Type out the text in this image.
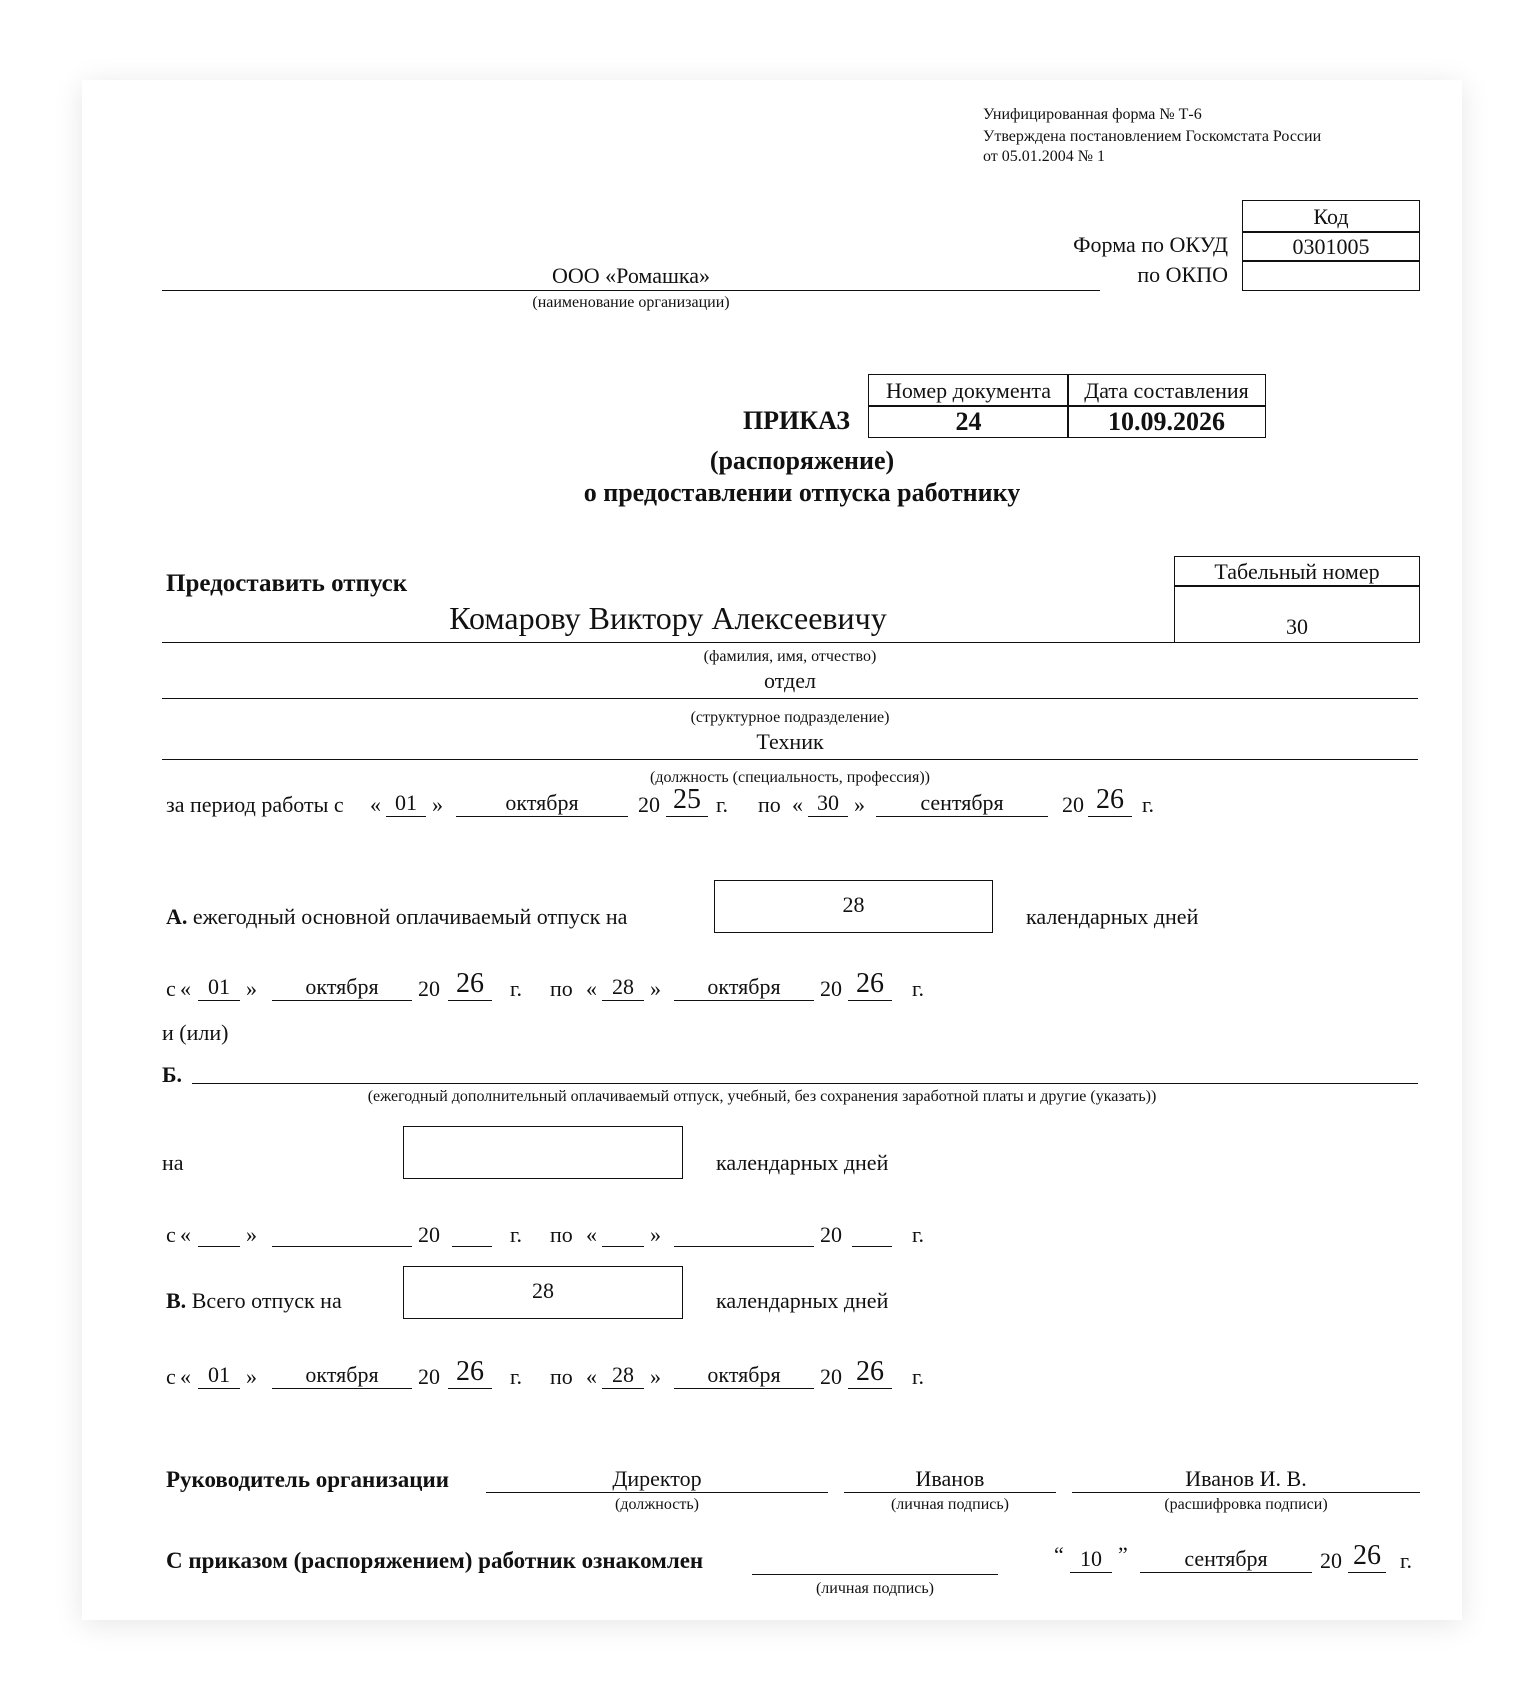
Унифицированная форма № Т-6
Утверждена постановлением Госкомстата России
от 05.01.2004 № 1
Код
0301005
Форма по ОКУД
по ОКПО
ООО «Ромашка»
(наименование организации)
Номер документа	Дата составления
24	10.09.2026
ПРИКАЗ
(распоряжение)
о предоставлении отпуска работнику
Предоставить отпуск	Табельный номер
30
Комарову Виктору Алексеевичу
(фамилия, имя, отчество)
отдел
(структурное подразделение)
Техник
(должность (специальность, профессия))
за период работы с « 01 »	октября	20 25 г. по « 30 »	сентября	20 26 г.
А. ежегодный основной оплачиваемый отпуск на	28	календарных дней
с « 01 »	октября	20 26	г. по « 28 »	октября	20 26	г.
и (или)
Б.
(ежегодный дополнительный оплачиваемый отпуск, учебный, без сохранения заработной платы и другие (указать))
на	календарных дней
с «	»	20	г. по « »	20	г.
В. Всего отпуск на	28	календарных дней
с « 01 »	октября	20 26	г. по « 28 »	октября	20 26	г.
Руководитель организации	Директор
(должность)
Иванов
(личная подпись)
Иванов И. В.
(расшифровка подписи)
С приказом (распоряжением) работник ознакомлен
(личная подпись)
“ 10 ”	сентября	20 26 г.
